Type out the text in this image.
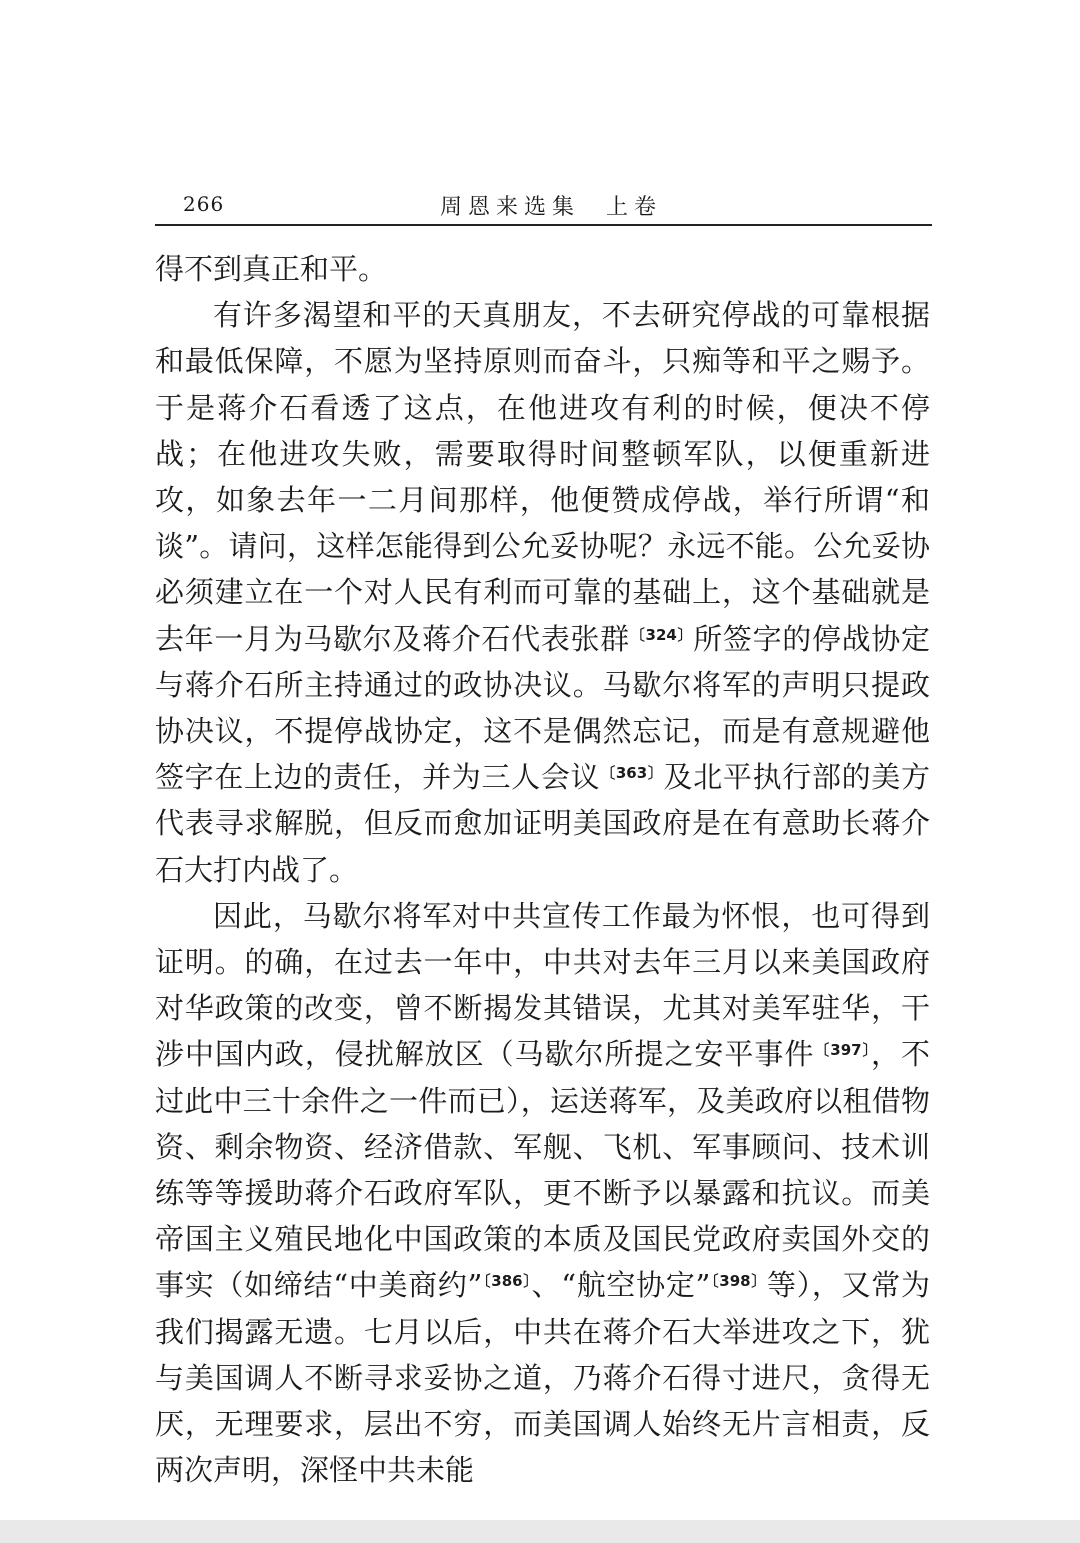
266	周恩来选集  上卷

得不到真正和平。

有许多渴望和平的天真朋友，不去研究停战的可靠根据和最低保障，不愿为坚持原则而奋斗，只痴等和平之赐予。于是蒋介石看透了这点，在他进攻有利的时候，便决不停战；在他进攻失败，需要取得时间整顿军队，以便重新进攻，如象去年一二月间那样，他便赞成停战，举行所谓“和谈”。请问，这样怎能得到公允妥协呢？永远不能。公允妥协必须建立在一个对人民有利而可靠的基础上，这个基础就是去年一月为马歇尔及蒋介石代表张群$^{〔324〕}$所签字的停战协定与蒋介石所主持通过的政协决议。马歇尔将军的声明只提政协决议，不提停战协定，这不是偶然忘记，而是有意规避他签字在上边的责任，并为三人会议$^{〔363〕}$及北平执行部的美方代表寻求解脱，但反而愈加证明美国政府是在有意助长蒋介石大打内战了。

因此，马歇尔将军对中共宣传工作最为怀恨，也可得到证明。的确，在过去一年中，中共对去年三月以来美国政府对华政策的改变，曾不断揭发其错误，尤其对美军驻华，干涉中国内政，侵扰解放区（马歇尔所提之安平事件$^{〔397〕}$，不过此中三十余件之一件而已），运送蒋军，及美政府以租借物资、剩余物资、经济借款、军舰、飞机、军事顾问、技术训练等等援助蒋介石政府军队，更不断予以暴露和抗议。而美帝国主义殖民地化中国政策的本质及国民党政府卖国外交的事实（如缔结“中美商约”$^{〔386〕}$、“航空协定”$^{〔398〕}$等），又常为我们揭露无遗。七月以后，中共在蒋介石大举进攻之下，犹与美国调人不断寻求妥协之道，乃蒋介石得寸进尺，贪得无厌，无理要求，层出不穷，而美国调人始终无片言相责，反两次声明，深怪中共未能
